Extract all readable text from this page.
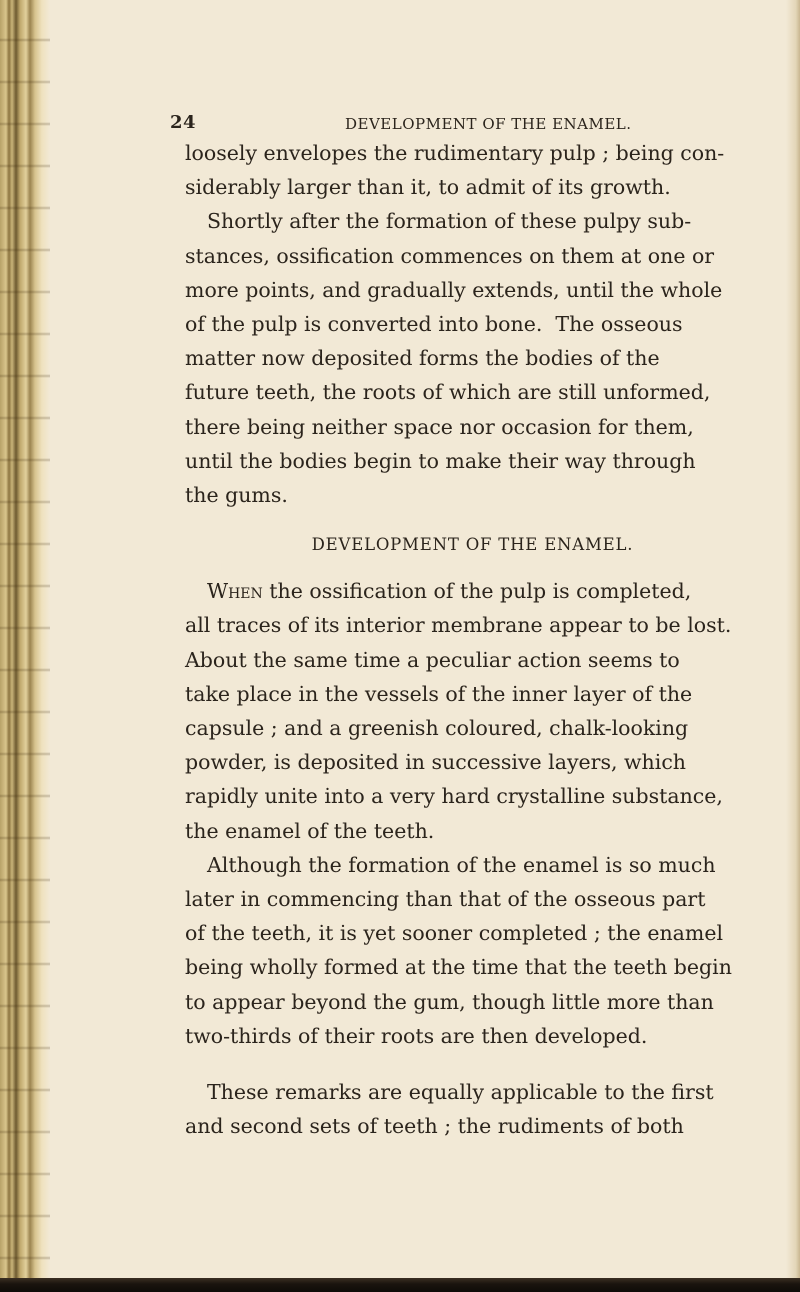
24	DEVELOPMENT OF THE ENAMEL.

loosely envelopes the rudimentary pulp ; being con-
siderably larger than it, to admit of its growth.

Shortly after the formation of these pulpy sub-
stances, ossification commences on them at one or
more points, and gradually extends, until the whole
of the pulp is converted into bone.  The osseous
matter now deposited forms the bodies of the
future teeth, the roots of which are still unformed,
there being neither space nor occasion for them,
until the bodies begin to make their way through
the gums.

DEVELOPMENT OF THE ENAMEL.

When the ossification of the pulp is completed,
all traces of its interior membrane appear to be lost.
About the same time a peculiar action seems to
take place in the vessels of the inner layer of the
capsule ; and a greenish coloured, chalk-looking
powder, is deposited in successive layers, which
rapidly unite into a very hard crystalline substance,
the enamel of the teeth.

Although the formation of the enamel is so much
later in commencing than that of the osseous part
of the teeth, it is yet sooner completed ; the enamel
being wholly formed at the time that the teeth begin
to appear beyond the gum, though little more than
two-thirds of their roots are then developed.

These remarks are equally applicable to the first
and second sets of teeth ; the rudiments of both
